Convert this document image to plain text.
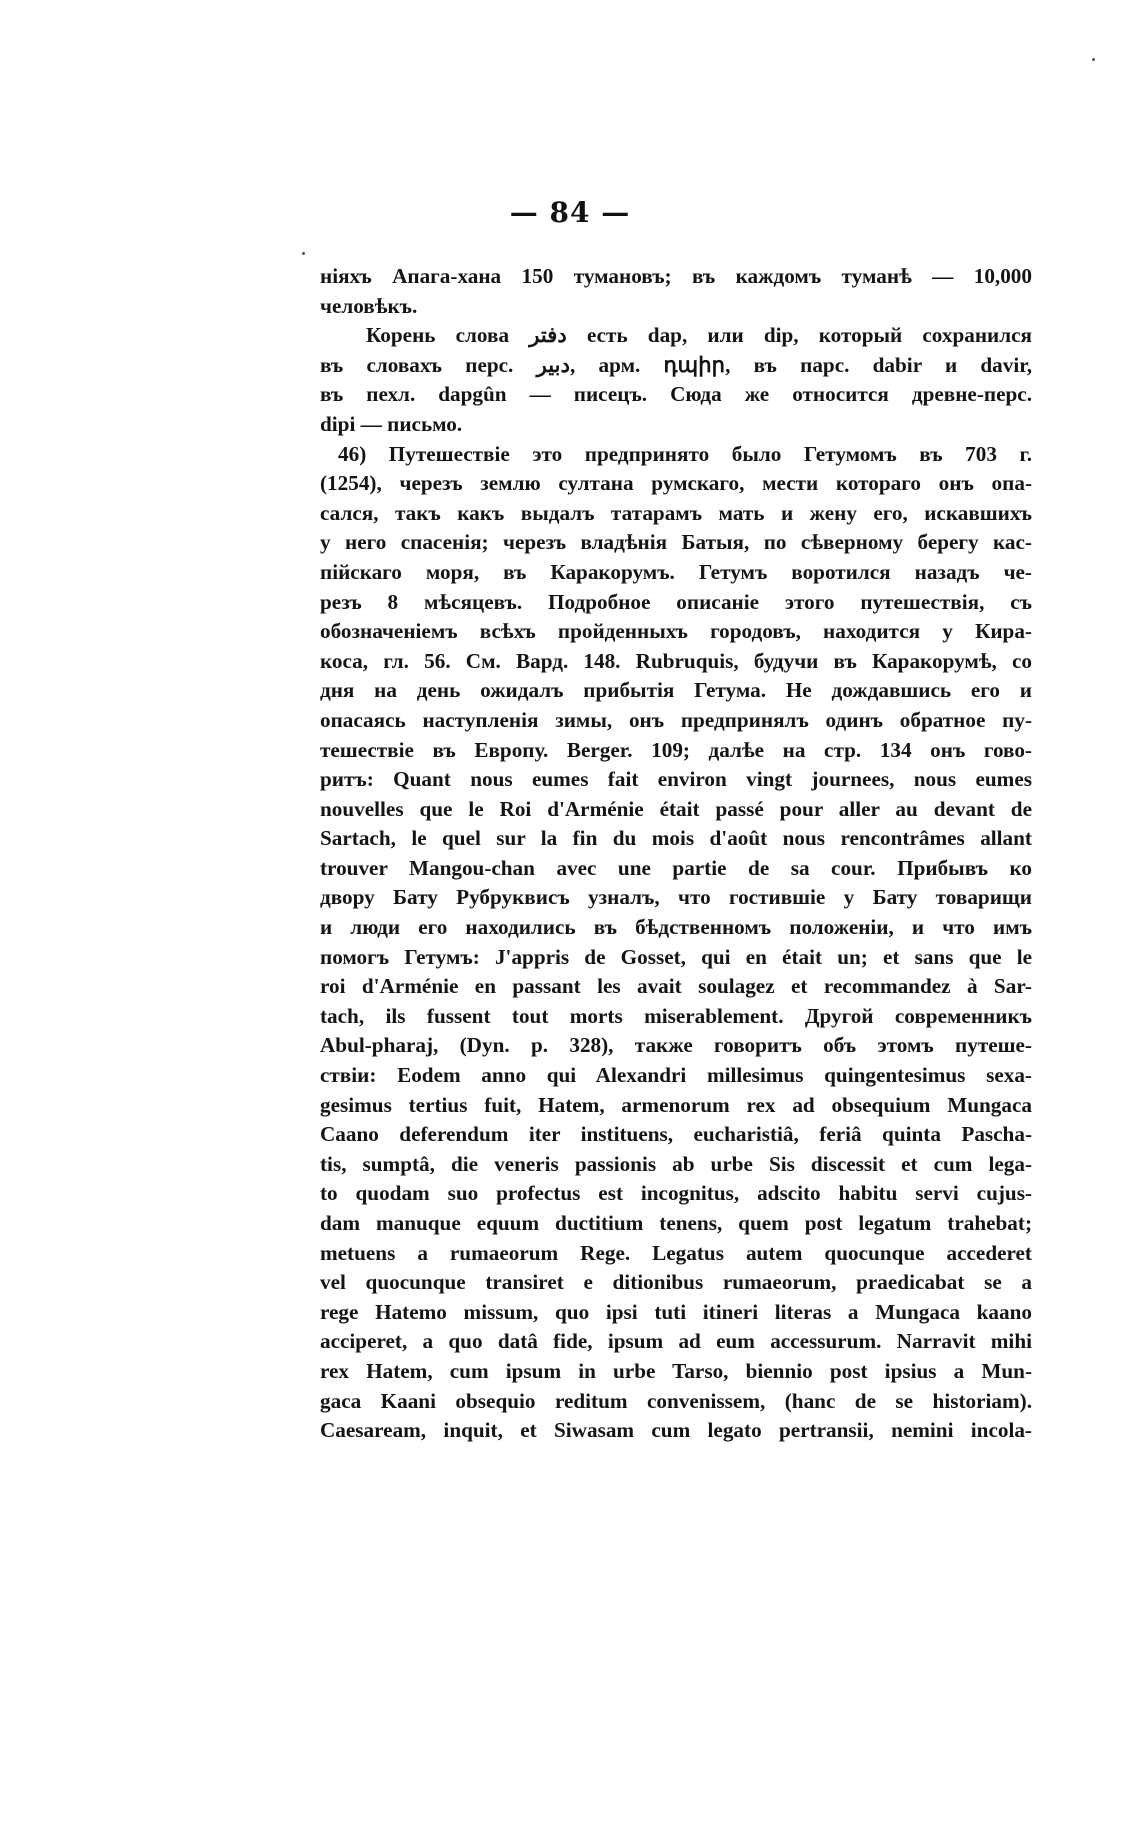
— 84 —
ніяхъ Апага-хана 150 тумановъ; въ каждомъ туманѣ — 10,000
человѣкъ.
Корень слова دفتر есть dap, или dip, который сохранился
въ словахъ перс. دبير, арм. դպիր, въ парс. dabir и davir,
въ пехл. dapgûn — писецъ. Сюда же относится древне-перс.
dipi — письмо.
46) Путешествіе это предпринято было Гетумомъ въ 703 г.
(1254), черезъ землю султана румскаго, мести котораго онъ опа-
сался, такъ какъ выдалъ татарамъ мать и жену его, искавшихъ
у него спасенія; черезъ владѣнія Батыя, по сѣверному берегу кас-
пійскаго моря, въ Каракорумъ. Гетумъ воротился назадъ че-
резъ 8 мѣсяцевъ. Подробное описаніе этого путешествія, съ
обозначеніемъ всѣхъ пройденныхъ городовъ, находится у Кира-
коса, гл. 56. См. Вард. 148. Rubruquis, будучи въ Каракорумѣ, со
дня на день ожидалъ прибытія Гетума. Не дождавшись его и
опасаясь наступленія зимы, онъ предпринялъ одинъ обратное пу-
тешествіе въ Европу. Berger. 109; далѣе на стр. 134 онъ гово-
ритъ: Quant nous eumes fait environ vingt journees, nous eumes
nouvelles que le Roi d'Arménie était passé pour aller au devant de
Sartach, le quel sur la fin du mois d'août nous rencontrâmes allant
trouver Mangou-chan avec une partie de sa cour. Прибывъ ко
двору Бату Рубруквисъ узналъ, что гостившіе у Бату товарищи
и люди его находились въ бѣдственномъ положеніи, и что имъ
помогъ Гетумъ: J'appris de Gosset, qui en était un; et sans que le
roi d'Arménie en passant les avait soulagez et recommandez à Sar-
tach, ils fussent tout morts miserablement. Другой современникъ
Abul-pharaj, (Dyn. p. 328), также говоритъ объ этомъ путеше-
ствіи: Eodem anno qui Alexandri millesimus quingentesimus sexa-
gesimus tertius fuit, Hatem, armenorum rex ad obsequium Mungaca
Caano deferendum iter instituens, eucharistiâ, feriâ quinta Pascha-
tis, sumptâ, die veneris passionis ab urbe Sis discessit et cum lega-
to quodam suo profectus est incognitus, adscito habitu servi cujus-
dam manuque equum ductitium tenens, quem post legatum trahebat;
metuens a rumaeorum Rege. Legatus autem quocunque accederet
vel quocunque transiret e ditionibus rumaeorum, praedicabat se a
rege Hatemo missum, quo ipsi tuti itineri literas a Mungaca kaano
acciperet, a quo datâ fide, ipsum ad eum accessurum. Narravit mihi
rex Hatem, cum ipsum in urbe Tarso, biennio post ipsius a Mun-
gaca Kaani obsequio reditum convenissem, (hanc de se historiam).
Caesaream, inquit, et Siwasam cum legato pertransii, nemini incola-
